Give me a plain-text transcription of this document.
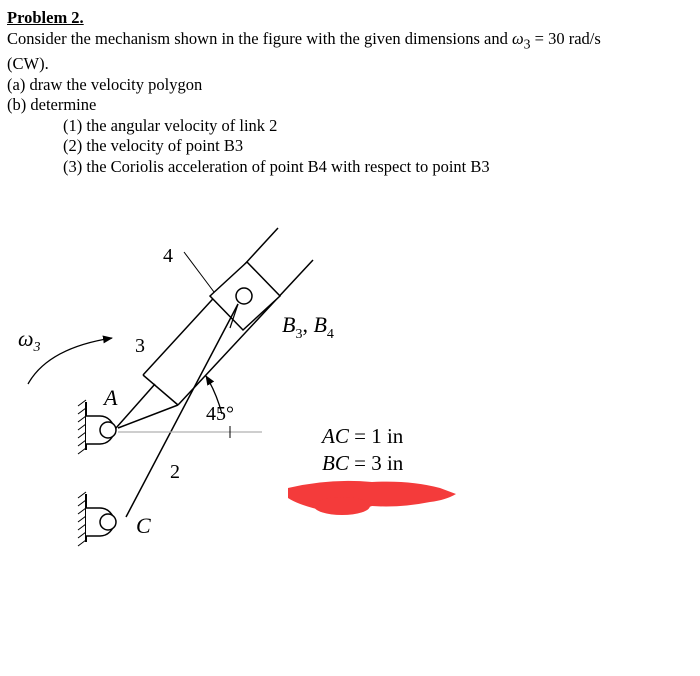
Problem 2.
Consider the mechanism shown in the figure with the given dimensions and $\omega_3 = 30$ rad/s
(CW).
(a) draw the velocity polygon
(b) determine
(1) the angular velocity of link 2
(2) the velocity of point B3
(3) the Coriolis acceleration of point B4 with respect to point B3
$\omega_3$	3
4
2
$B_3$, $B_4$
45°
A
C
AC = 1 in
BC = 3 in
